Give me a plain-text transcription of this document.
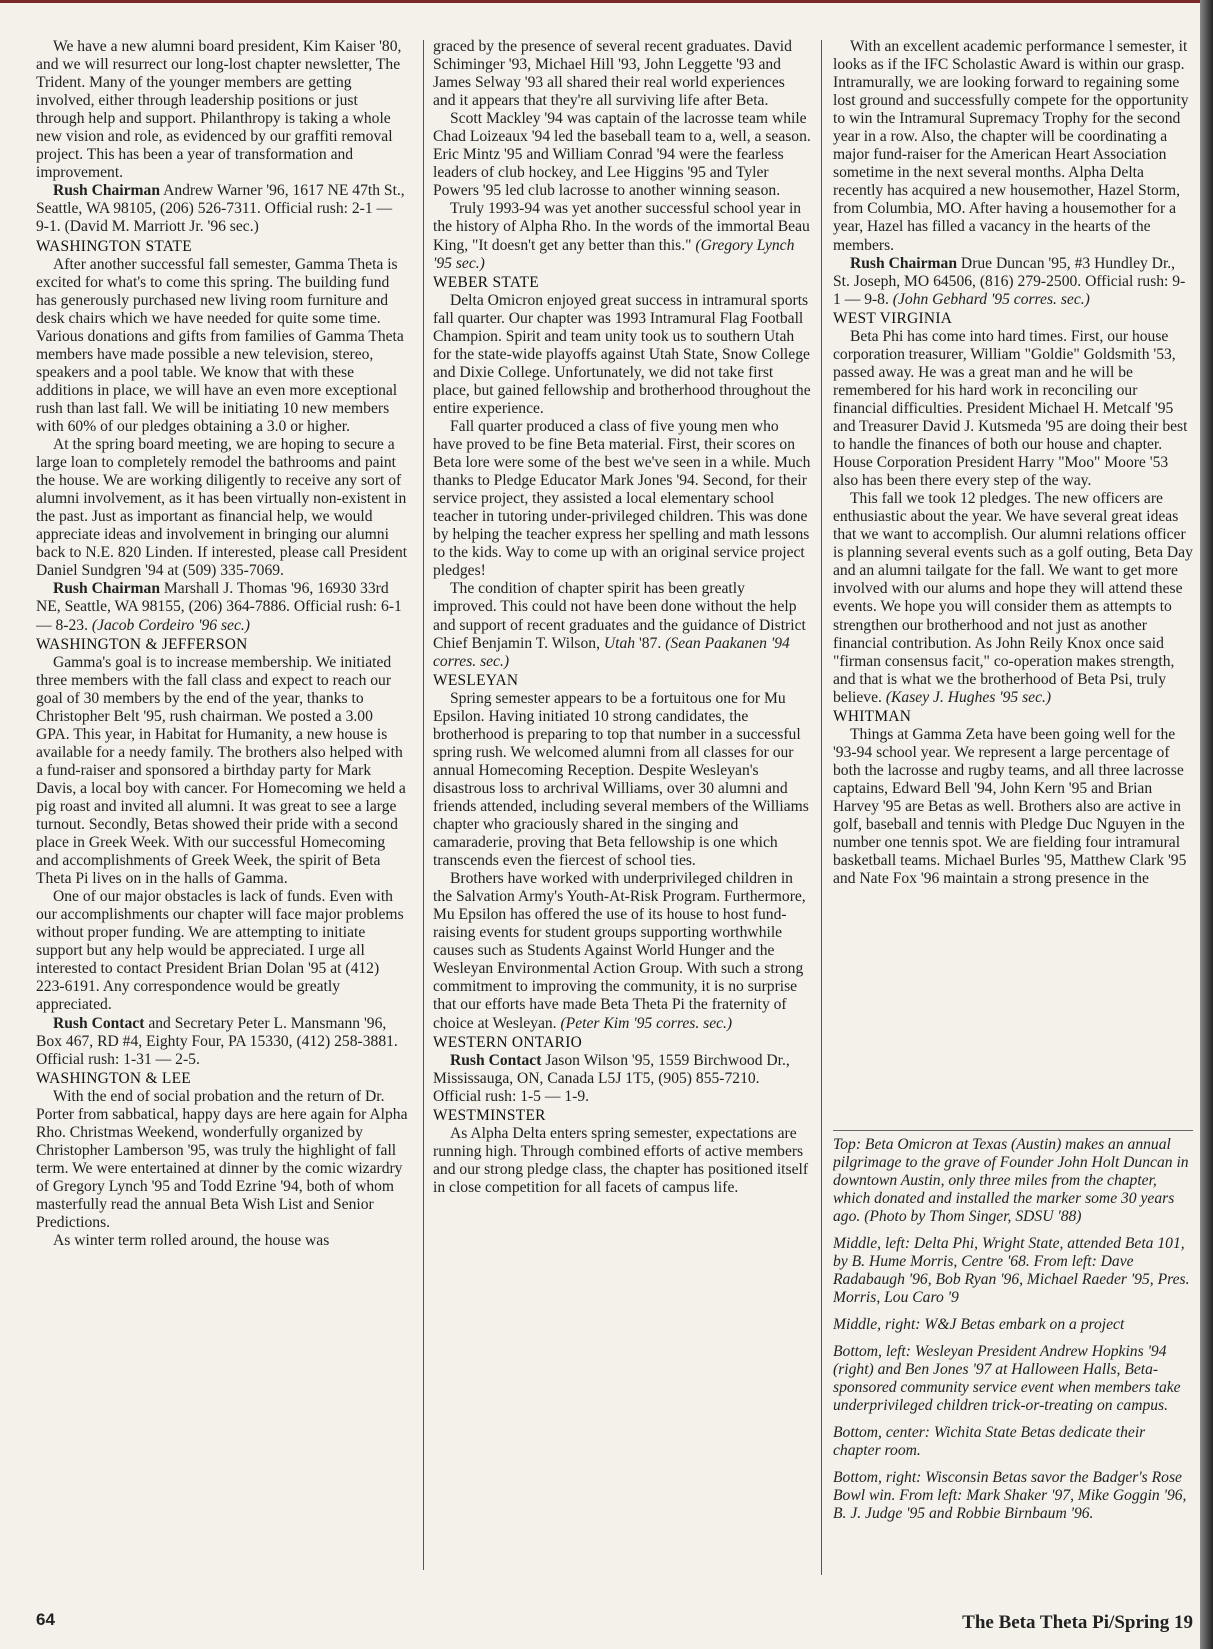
We have a new alumni board president, Kim Kaiser '80, and we will resurrect our long-lost chapter newsletter, The Trident. Many of the younger members are getting involved, either through leadership positions or just through help and support. Philanthropy is taking a whole new vision and role, as evidenced by our graffiti removal project. This has been a year of transformation and improvement.

Rush Chairman Andrew Warner '96, 1617 NE 47th St., Seattle, WA 98105, (206) 526-7311. Official rush: 2-1 — 9-1. (David M. Marriott Jr. '96 sec.)

WASHINGTON STATE

After another successful fall semester, Gamma Theta is excited for what's to come this spring. The building fund has generously purchased new living room furniture and desk chairs which we have needed for quite some time. Various donations and gifts from families of Gamma Theta members have made possible a new television, stereo, speakers and a pool table. We know that with these additions in place, we will have an even more exceptional rush than last fall. We will be initiating 10 new members with 60% of our pledges obtaining a 3.0 or higher.

At the spring board meeting, we are hoping to secure a large loan to completely remodel the bathrooms and paint the house. We are working diligently to receive any sort of alumni involvement, as it has been virtually non-existent in the past. Just as important as financial help, we would appreciate ideas and involvement in bringing our alumni back to N.E. 820 Linden. If interested, please call President Daniel Sundgren '94 at (509) 335-7069.

Rush Chairman Marshall J. Thomas '96, 16930 33rd NE, Seattle, WA 98155, (206) 364-7886. Official rush: 6-1 — 8-23. (Jacob Cordeiro '96 sec.)

WASHINGTON & JEFFERSON

Gamma's goal is to increase membership. We initiated three members with the fall class and expect to reach our goal of 30 members by the end of the year, thanks to Christopher Belt '95, rush chairman. We posted a 3.00 GPA. This year, in Habitat for Humanity, a new house is available for a needy family. The brothers also helped with a fund-raiser and sponsored a birthday party for Mark Davis, a local boy with cancer. For Homecoming we held a pig roast and invited all alumni. It was great to see a large turnout. Secondly, Betas showed their pride with a second place in Greek Week. With our successful Homecoming and accomplishments of Greek Week, the spirit of Beta Theta Pi lives on in the halls of Gamma.

One of our major obstacles is lack of funds. Even with our accomplishments our chapter will face major problems without proper funding. We are attempting to initiate support but any help would be appreciated. I urge all interested to contact President Brian Dolan '95 at (412) 223-6191. Any correspondence would be greatly appreciated.

Rush Contact and Secretary Peter L. Mansmann '96, Box 467, RD #4, Eighty Four, PA 15330, (412) 258-3881. Official rush: 1-31 — 2-5.

WASHINGTON & LEE

With the end of social probation and the return of Dr. Porter from sabbatical, happy days are here again for Alpha Rho. Christmas Weekend, wonderfully organized by Christopher Lamberson '95, was truly the highlight of fall term. We were entertained at dinner by the comic wizardry of Gregory Lynch '95 and Todd Ezrine '94, both of whom masterfully read the annual Beta Wish List and Senior Predictions.

As winter term rolled around, the house was

graced by the presence of several recent graduates. David Schiminger '93, Michael Hill '93, John Leggette '93 and James Selway '93 all shared their real world experiences and it appears that they're all surviving life after Beta.

Scott Mackley '94 was captain of the lacrosse team while Chad Loizeaux '94 led the baseball team to a, well, a season. Eric Mintz '95 and William Conrad '94 were the fearless leaders of club hockey, and Lee Higgins '95 and Tyler Powers '95 led club lacrosse to another winning season.

Truly 1993-94 was yet another successful school year in the history of Alpha Rho. In the words of the immortal Beau King, "It doesn't get any better than this." (Gregory Lynch '95 sec.)

WEBER STATE

Delta Omicron enjoyed great success in intramural sports fall quarter. Our chapter was 1993 Intramural Flag Football Champion. Spirit and team unity took us to southern Utah for the state-wide playoffs against Utah State, Snow College and Dixie College. Unfortunately, we did not take first place, but gained fellowship and brotherhood throughout the entire experience.

Fall quarter produced a class of five young men who have proved to be fine Beta material. First, their scores on Beta lore were some of the best we've seen in a while. Much thanks to Pledge Educator Mark Jones '94. Second, for their service project, they assisted a local elementary school teacher in tutoring under-privileged children. This was done by helping the teacher express her spelling and math lessons to the kids. Way to come up with an original service project pledges!

The condition of chapter spirit has been greatly improved. This could not have been done without the help and support of recent graduates and the guidance of District Chief Benjamin T. Wilson, Utah '87. (Sean Paakanen '94 corres. sec.)

WESLEYAN

Spring semester appears to be a fortuitous one for Mu Epsilon. Having initiated 10 strong candidates, the brotherhood is preparing to top that number in a successful spring rush. We welcomed alumni from all classes for our annual Homecoming Reception. Despite Wesleyan's disastrous loss to archrival Williams, over 30 alumni and friends attended, including several members of the Williams chapter who graciously shared in the singing and camaraderie, proving that Beta fellowship is one which transcends even the fiercest of school ties.

Brothers have worked with underprivileged children in the Salvation Army's Youth-At-Risk Program. Furthermore, Mu Epsilon has offered the use of its house to host fund-raising events for student groups supporting worthwhile causes such as Students Against World Hunger and the Wesleyan Environmental Action Group. With such a strong commitment to improving the community, it is no surprise that our efforts have made Beta Theta Pi the fraternity of choice at Wesleyan. (Peter Kim '95 corres. sec.)

WESTERN ONTARIO

Rush Contact Jason Wilson '95, 1559 Birchwood Dr., Mississauga, ON, Canada L5J 1T5, (905) 855-7210. Official rush: 1-5 — 1-9.

WESTMINSTER

As Alpha Delta enters spring semester, expectations are running high. Through combined efforts of active members and our strong pledge class, the chapter has positioned itself in close competition for all facets of campus life.

With an excellent academic performance l semester, it looks as if the IFC Scholastic Award is within our grasp. Intramurally, we are looking forward to regaining some lost ground and successfully compete for the opportunity to win the Intramural Supremacy Trophy for the second year in a row. Also, the chapter will be coordinating a major fund-raiser for the American Heart Association sometime in the next several months. Alpha Delta recently has acquired a new housemother, Hazel Storm, from Columbia, MO. After having a housemother for a year, Hazel has filled a vacancy in the hearts of the members.

Rush Chairman Drue Duncan '95, #3 Hundley Dr., St. Joseph, MO 64506, (816) 279-2500. Official rush: 9-1 — 9-8. (John Gebhard '95 corres. sec.)

WEST VIRGINIA

Beta Phi has come into hard times. First, our house corporation treasurer, William "Goldie" Goldsmith '53, passed away. He was a great man and he will be remembered for his hard work in reconciling our financial difficulties. President Michael H. Metcalf '95 and Treasurer David J. Kutsmeda '95 are doing their best to handle the finances of both our house and chapter. House Corporation President Harry "Moo" Moore '53 also has been there every step of the way.

This fall we took 12 pledges. The new officers are enthusiastic about the year. We have several great ideas that we want to accomplish. Our alumni relations officer is planning several events such as a golf outing, Beta Day and an alumni tailgate for the fall. We want to get more involved with our alums and hope they will attend these events. We hope you will consider them as attempts to strengthen our brotherhood and not just as another financial contribution. As John Reily Knox once said "firman consensus facit," co-operation makes strength, and that is what we the brotherhood of Beta Psi, truly believe. (Kasey J. Hughes '95 sec.)

WHITMAN

Things at Gamma Zeta have been going well for the '93-94 school year. We represent a large percentage of both the lacrosse and rugby teams, and all three lacrosse captains, Edward Bell '94, John Kern '95 and Brian Harvey '95 are Betas as well. Brothers also are active in golf, baseball and tennis with Pledge Duc Nguyen in the number one tennis spot. We are fielding four intramural basketball teams. Michael Burles '95, Matthew Clark '95 and Nate Fox '96 maintain a strong presence in the

Top: Beta Omicron at Texas (Austin) makes an annual pilgrimage to the grave of Founder John Holt Duncan in downtown Austin, only three miles from the chapter, which donated and installed the marker some 30 years ago. (Photo by Thom Singer, SDSU '88)

Middle, left: Delta Phi, Wright State, attended Beta 101, by B. Hume Morris, Centre '68. From left: Dave Radabaugh '96, Bob Ryan '96, Michael Raeder '95, Pres. Morris, Lou Caro '9

Middle, right: W&J Betas embark on a project

Bottom, left: Wesleyan President Andrew Hopkins '94 (right) and Ben Jones '97 at Halloween Halls, Beta-sponsored community service event when members take underprivileged children trick-or-treating on campus.

Bottom, center: Wichita State Betas dedicate their chapter room.

Bottom, right: Wisconsin Betas savor the Badger's Rose Bowl win. From left: Mark Shaker '97, Mike Goggin '96, B. J. Judge '95 and Robbie Birnbaum '96.

64	The Beta Theta Pi/Spring 19
